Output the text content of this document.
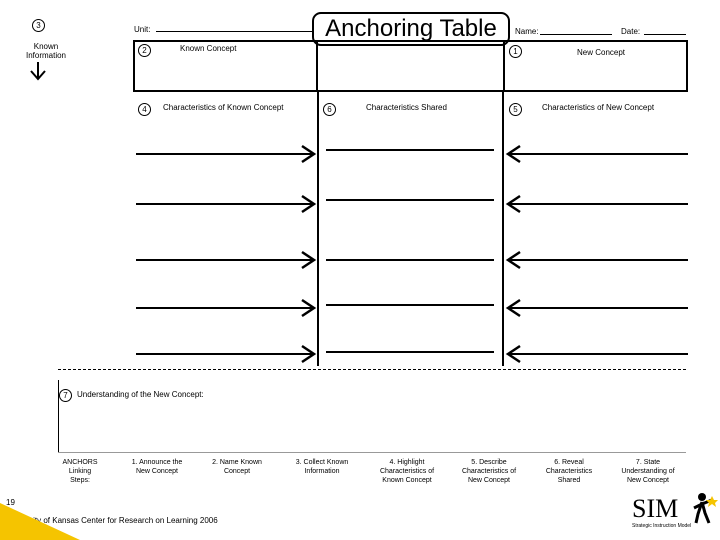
3
Known Information
Unit:	Anchoring Table	Name:	Date:
2	Known Concept	1	New Concept
4	Characteristics of Known Concept	6	Characteristics Shared	5	Characteristics of New Concept
7	Understanding of the New Concept:
ANCHORS Linking Steps:
1. Announce the New Concept
2. Name Known Concept
3. Collect Known Information
4. Highlight Characteristics of Known Concept
5. Describe Characteristics of New Concept
6. Reveal Characteristics Shared
7. State Understanding of New Concept
19
University of Kansas Center for Research on Learning 2006	SIM
Strategic Instruction Model
